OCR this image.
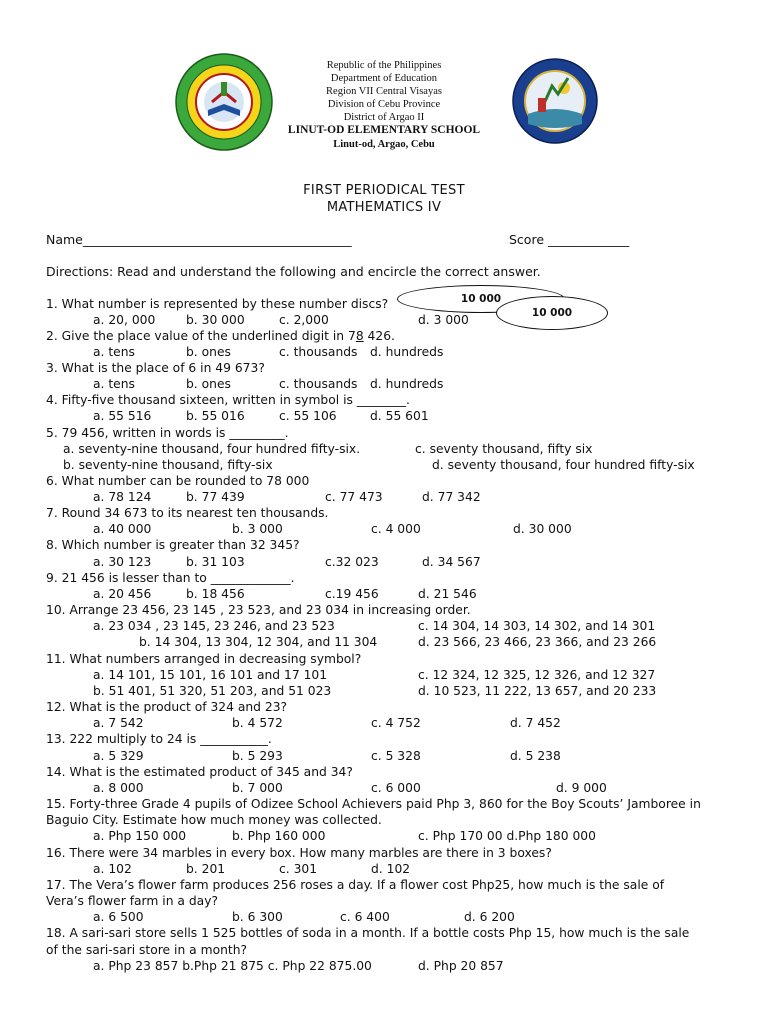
Republic of the Philippines
Department of Education
Region VII Central Visayas
Division of Cebu Province
District of Argao II
LINUT-OD ELEMENTARY SCHOOL
Linut-od, Argao, Cebu
FIRST PERIODICAL TEST
MATHEMATICS IV
Name___________________________________________	Score _____________
Directions: Read and understand the following and encircle the correct answer.
10 000
10 000
1. What number is represented by these number discs?
a. 20, 000 b. 30 000	c. 2,000	d. 3 000
2. Give the place value of the underlined digit in 78 426.
a. tens	b. ones	c. thousands d. hundreds
3. What is the place of 6 in 49 673?
a. tens	b. ones	c. thousands d. hundreds
4. Fifty-five thousand sixteen, written in symbol is ________.
a. 55 516	b. 55 016	c. 55 106	d. 55 601
5. 79 456, written in words is _________.
a. seventy-nine thousand, four hundred fifty-six.	c. seventy thousand, fifty six
b. seventy-nine thousand, fifty-six	d. seventy thousand, four hundred fifty-six
6. What number can be rounded to 78 000
a. 78 124	b. 77 439	c. 77 473	d. 77 342
7. Round 34 673 to its nearest ten thousands.
a. 40 000	b. 3 000	c. 4 000	d. 30 000
8. Which number is greater than 32 345?
a. 30 123	b. 31 103	c.32 023	d. 34 567
9. 21 456 is lesser than to _____________.
a. 20 456	b. 18 456	c.19 456	d. 21 546
10. Arrange 23 456, 23 145 , 23 523, and 23 034 in increasing order.
a. 23 034 , 23 145, 23 246, and 23 523	c. 14 304, 14 303, 14 302, and 14 301
b. 14 304, 13 304, 12 304, and 11 304	d. 23 566, 23 466, 23 366, and 23 266
11. What numbers arranged in decreasing symbol?
a. 14 101, 15 101, 16 101 and 17 101	c. 12 324, 12 325, 12 326, and 12 327
b. 51 401, 51 320, 51 203, and 51 023	d. 10 523, 11 222, 13 657, and 20 233
12. What is the product of 324 and 23?
a. 7 542	b. 4 572	c. 4 752	d. 7 452
13. 222 multiply to 24 is ___________.
a. 5 329	b. 5 293	c. 5 328	d. 5 238
14. What is the estimated product of 345 and 34?
a. 8 000	b. 7 000	c. 6 000	d. 9 000
15. Forty-three Grade 4 pupils of Odizee School Achievers paid Php 3, 860 for the Boy Scouts’ Jamboree in
Baguio City. Estimate how much money was collected.
a. Php 150 000	b. Php 160 000	c. Php 170 00 d.Php 180 000
16. There were 34 marbles in every box. How many marbles are there in 3 boxes?
a. 102	b. 201	c. 301	d. 102
17. The Vera’s flower farm produces 256 roses a day. If a flower cost Php25, how much is the sale of
Vera’s flower farm in a day?
a. 6 500	b. 6 300	c. 6 400	d. 6 200
18. A sari-sari store sells 1 525 bottles of soda in a month. If a bottle costs Php 15, how much is the sale
of the sari-sari store in a month?
a. Php 23 857 b.Php 21 875 c. Php 22 875.00	d. Php 20 857
